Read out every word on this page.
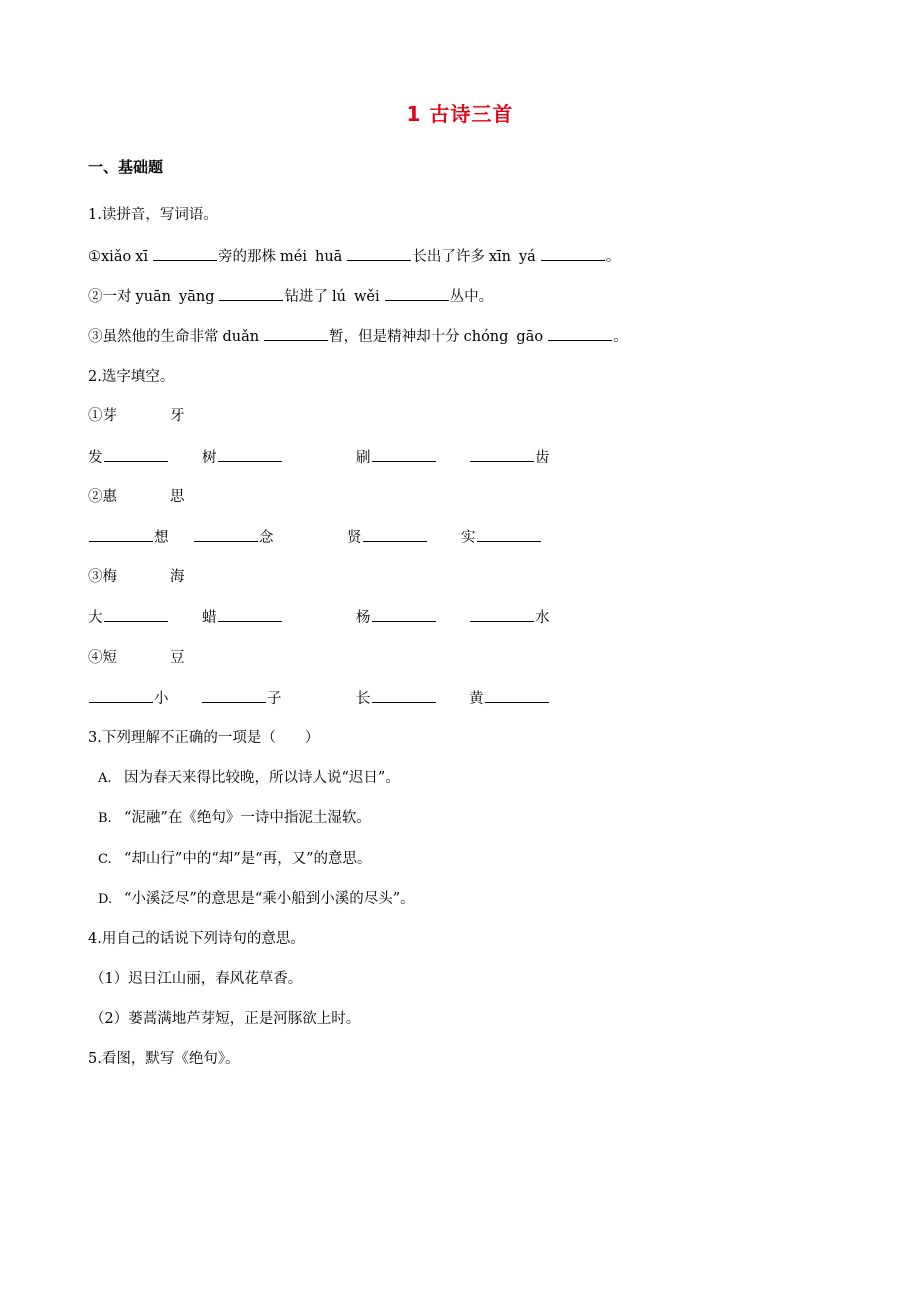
1 古诗三首
一、基础题
1.读拼音，写词语。
①xiǎo xī	旁的那株 méi huā	长出了许多 xīn yá	。
②一对 yuān yāng	钻进了 lú wěi	丛中。
③虽然他的生命非常 duǎn	暂，但是精神却十分 chóng gāo	。
2.选字填空。
①芽	牙
发	树	刷	齿
②惠	思
想	念	贤	实
③梅	海
大	蜡	杨	水
④短	豆
小	子	长	黄
3.下列理解不正确的一项是（　　）
A. 因为春天来得比较晚，所以诗人说“迟日”。
B. “泥融”在《绝句》一诗中指泥土湿软。
C. “却山行”中的“却”是“再，又”的意思。
D. “小溪泛尽”的意思是“乘小船到小溪的尽头”。
4.用自己的话说下列诗句的意思。
（1）迟日江山丽，春风花草香。
（2）蒌蒿满地芦芽短，正是河豚欲上时。
5.看图，默写《绝句》。
